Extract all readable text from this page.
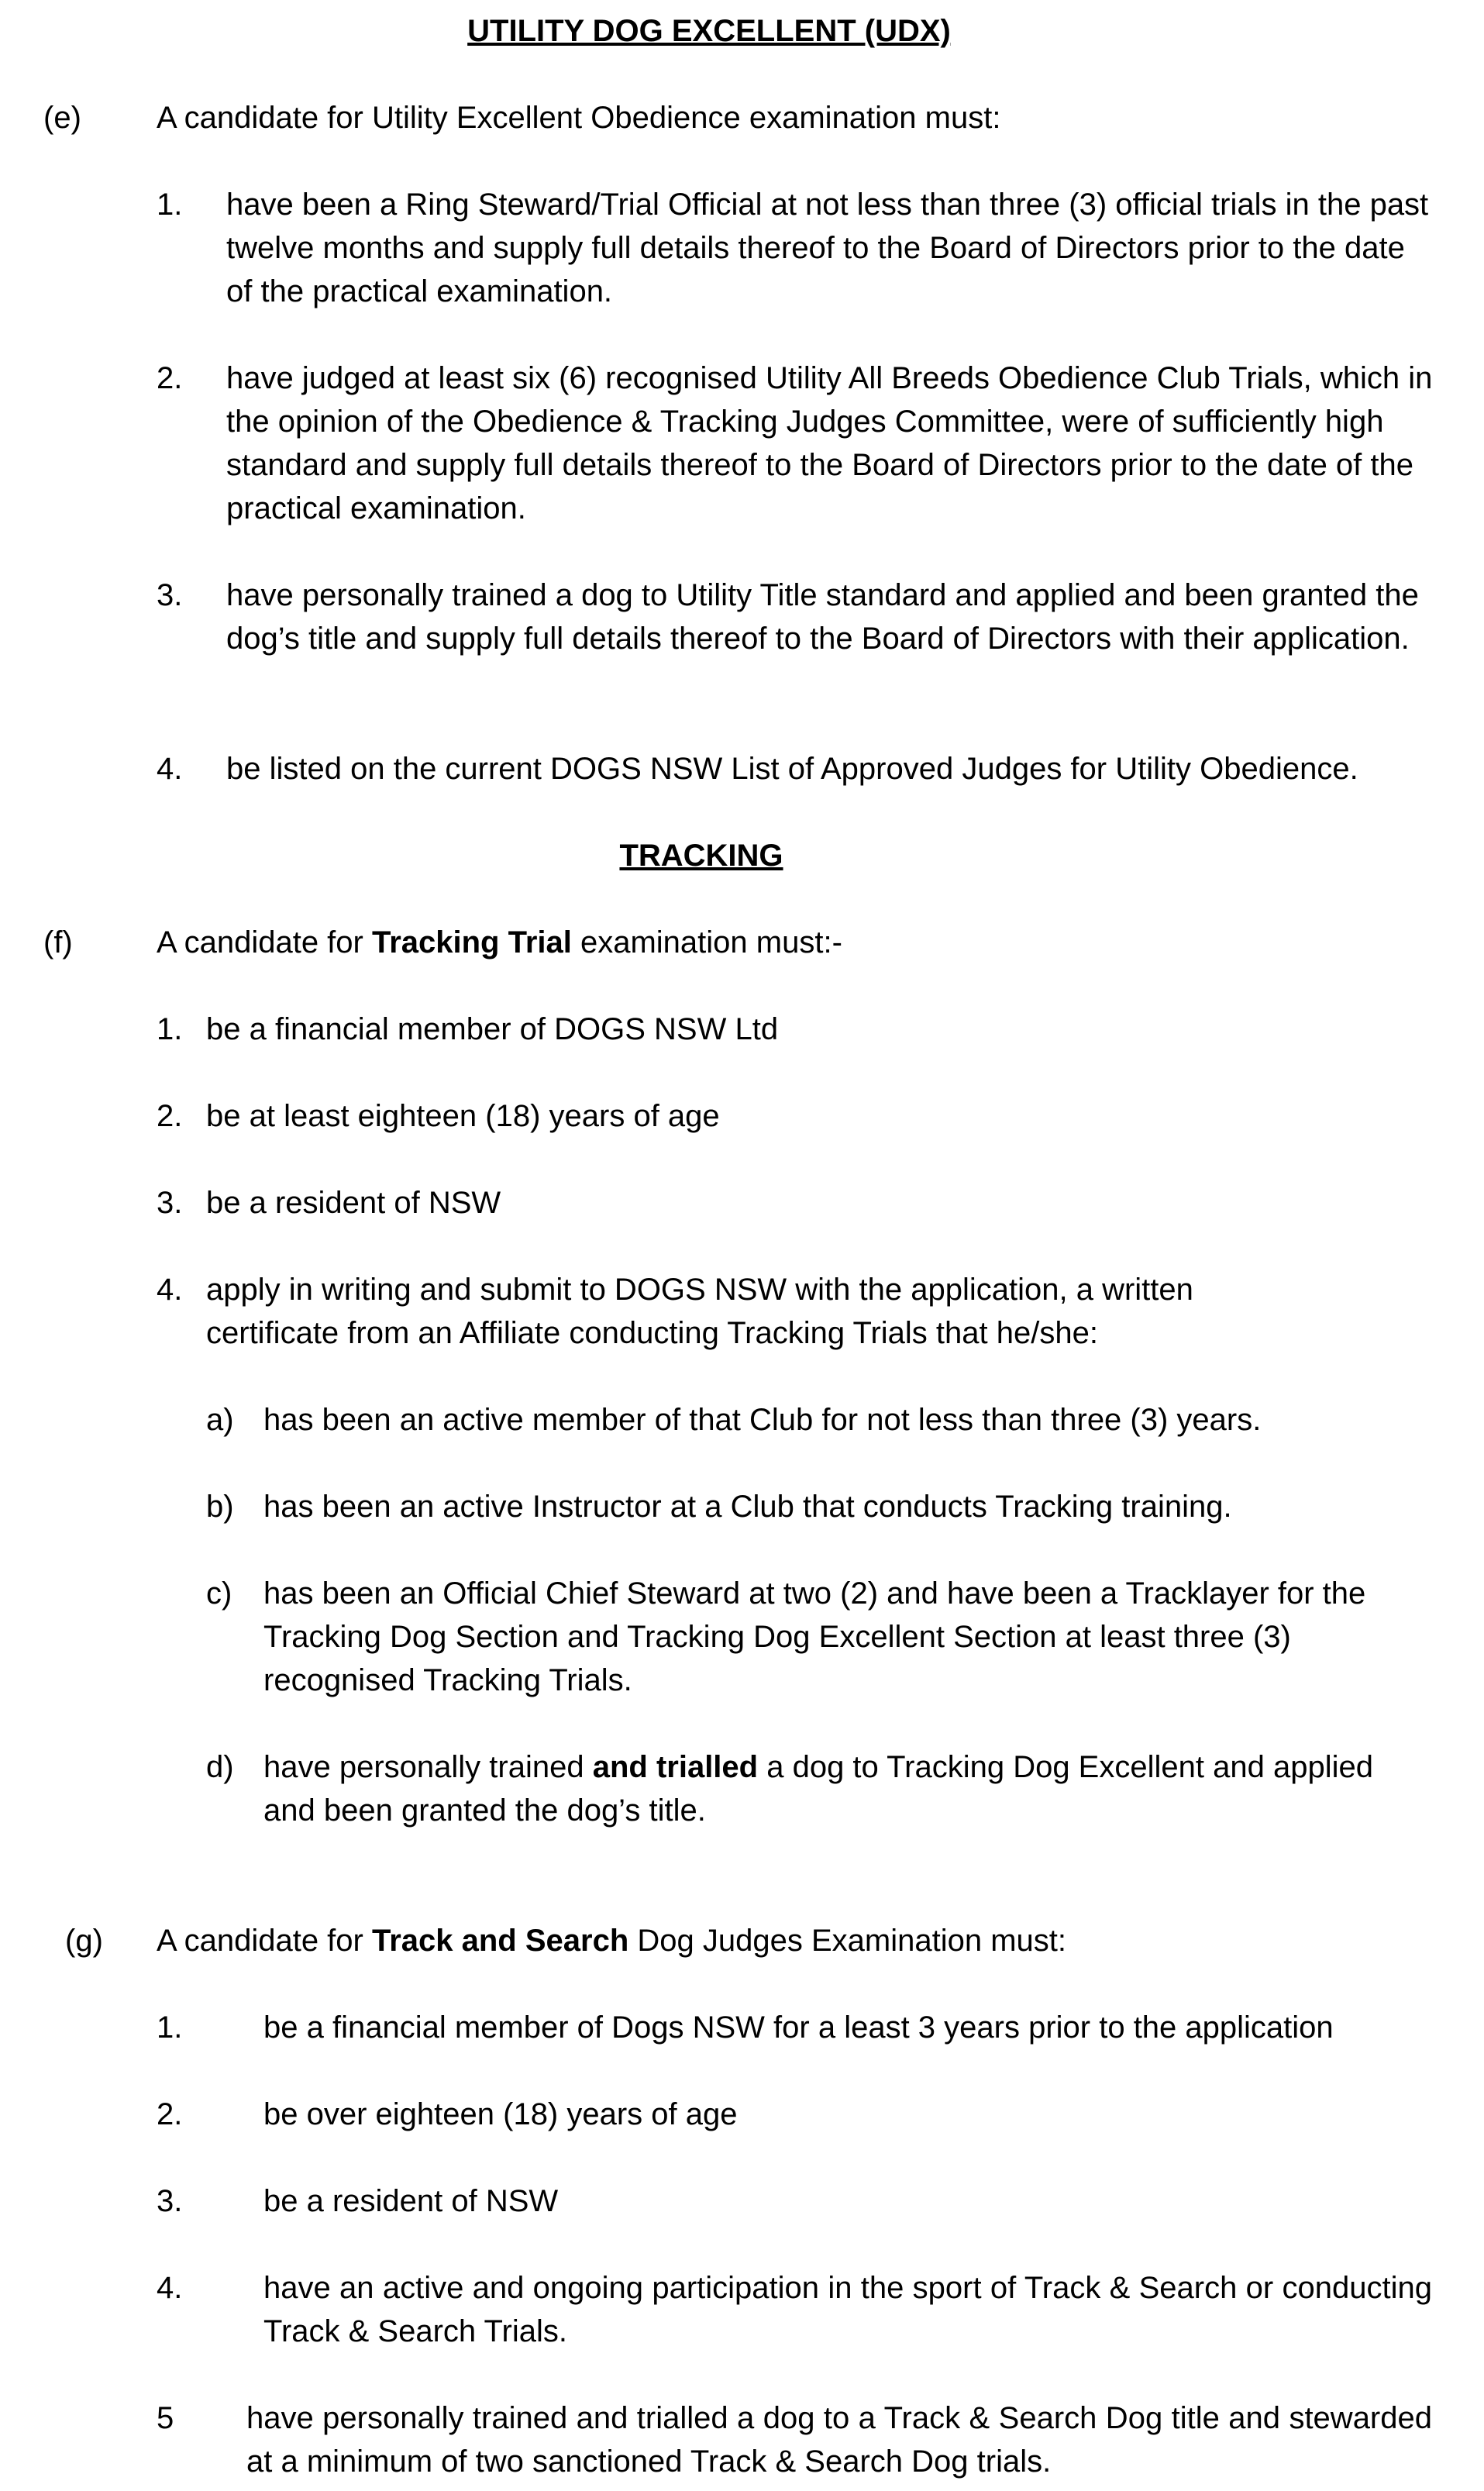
UTILITY DOG EXCELLENT (UDX)
(e) A candidate for Utility Excellent Obedience examination must:
1. have been a Ring Steward/Trial Official at not less than three (3) official trials in the past twelve months and supply full details thereof to the Board of Directors prior to the date of the practical examination.
2. have judged at least six (6) recognised Utility All Breeds Obedience Club Trials, which in the opinion of the Obedience & Tracking Judges Committee, were of sufficiently high standard and supply full details thereof to the Board of Directors prior to the date of the practical examination.
3. have personally trained a dog to Utility Title standard and applied and been granted the dog’s title and supply full details thereof to the Board of Directors with their application.
4. be listed on the current DOGS NSW List of Approved Judges for Utility Obedience.
TRACKING
(f)	A candidate for Tracking Trial examination must:-
1. be a financial member of DOGS NSW Ltd
2. be at least eighteen (18) years of age
3. be a resident of NSW
4. apply in writing and submit to DOGS NSW with the application, a written certificate from an Affiliate conducting Tracking Trials that he/she:
a) has been an active member of that Club for not less than three (3) years.
b) has been an active Instructor at a Club that conducts Tracking training.
c) has been an Official Chief Steward at two (2) and have been a Tracklayer for the Tracking Dog Section and Tracking Dog Excellent Section at least three (3) recognised Tracking Trials.
d) have personally trained and trialled a dog to Tracking Dog Excellent and applied and been granted the dog’s title.
(g) A candidate for Track and Search Dog Judges Examination must:
1.	be a financial member of Dogs NSW for a least 3 years prior to the application
2.	be over eighteen (18) years of age
3.	be a resident of NSW
4.	have an active and ongoing participation in the sport of Track & Search or conducting Track & Search Trials.
5 have personally trained and trialled a dog to a Track & Search Dog title and stewarded at a minimum of two sanctioned Track & Search Dog trials.
